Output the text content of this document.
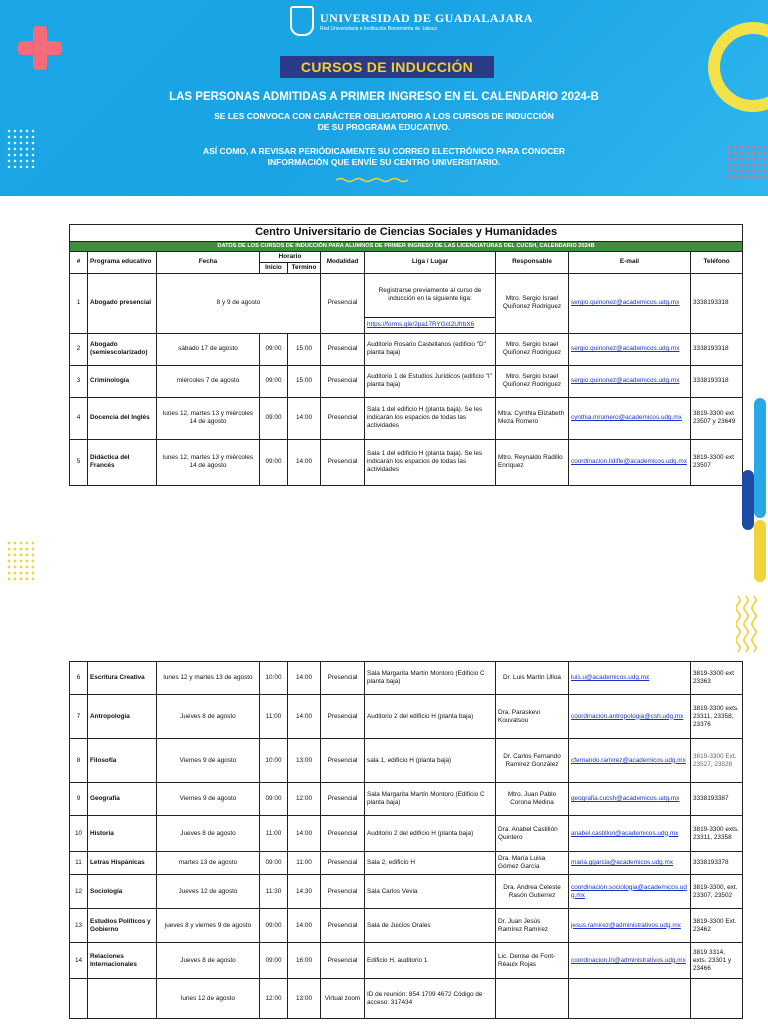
UNIVERSIDAD DE GUADALAJARA
Red Universitaria e Institución Benemérita de Jalisco
CURSOS DE INDUCCIÓN
LAS PERSONAS ADMITIDAS A PRIMER INGRESO EN EL CALENDARIO 2024-B
SE LES CONVOCA CON CARÁCTER OBLIGATORIO A LOS CURSOS DE INDUCCIÓN
DE SU PROGRAMA EDUCATIVO.
ASÍ COMO, A REVISAR PERIÓDICAMENTE SU CORREO ELECTRÓNICO PARA CONOCER
INFORMACIÓN QUE ENVÍE SU CENTRO UNIVERSITARIO.
Centro Universitario de Ciencias Sociales y Humanidades									
DATOS DE LOS CURSOS DE INDUCCIÓN PARA ALUMNOS DE PRIMER INGRESO DE LAS LICENCIATURAS DEL CUCSH, CALENDARIO 2024B									
#	Programa educativo	Fecha	Horario		Modalidad	Liga / Lugar	Responsable	E-mail	Teléfono
			Inicio	Termino					
1	Abogado presencial	8 y 9 de agosto			Presencial	Registrarse previamente al curso de inducción en la siguiente liga:	Mtro. Sergio Israel Quiñonez Rodriguez	sergio.quinonez@academicos.udg.mx	3338193318
						https://forms.gle/2pa17RYGct2UfrbX6			
2	Abogado (semiescolarizado)	sábado 17 de agosto	09:00	15:00	Presencial	Auditorio Rosario Castellanos (edificio "D" planta baja)	Mtro. Sergio Israel Quiñonez Rodriguez	sergio.quinonez@academicos.udg.mx	3338193318
3	Criminología	miércoles 7 de agosto	09:00	15:00	Presencial	Auditorio 1 de Estudios Jurídicos (edificio "I" planta baja)	Mtro. Sergio Israel Quiñonez Rodriguez	sergio.quinonez@academicos.udg.mx	3338193318
4	Docencia del Inglés	lunes 12, martes 13 y miércoles 14 de agosto	09:00	14:00	Presencial	Sala 1 del edificio H (planta baja). Se les indicarán los espacios de todas las actividades	Mtra. Cynthia Elizabeth Meza Romero	cynthia.mromero@academicos.udg.mx	3819-3300 ext 23507 y 23649
5	Didáctica del Francés	lunes 12, martes 13 y miércoles 14 de agosto	09:00	14:00	Presencial	Sala 1 del edificio H (planta baja). Se les indicarán los espacios de todas las actividades	Mtro. Reynaldo Radillo Enríquez	coordinacion.lidifle@academicos.udg.mx	3819-3300 ext 23507
6	Escritura Creativa	lunes 12 y martes 13 de agosto	10:00	14:00	Presencial	Sala Margarita Martín Montoro (Edificio C planta baja)	Dr. Luis Martín Ulloa	luis.u@academicos.udg.mx	3819-3300 ext 23363
7	Antropología	Jueves 8 de agosto	11:00	14:00	Presencial	Auditorio 2 del edificio H (planta baja)	Dra. Paraskevi Kouvatsou	coordinacion.antropologia@csh.udg.mx	3819-3300 exts. 23311, 23358, 23376
8	Filosofía	Viernes 9 de agosto	10:00	13:00	Presencial	sala 1, edificio H (planta baja)	Dr. Carlos Fernando Ramírez González	cfernando.ramirez@academicos.udg.mx	3819-3300 Ext. 23527, 23528
9	Geografía	Viernes 9 de agosto	09:00	12:00	Presencial	Sala Margarita Martín Montoro (Edificio C planta baja)	Mtro. Juan Pablo Corona Medina	geografia.cucsh@academicos.udg.mx	3338193387
10	Historia	Jueves 8 de agosto	11:00	14:00	Presencial	Auditorio 2 del edificio H (planta baja)	Dra. Anabel Castillón Quintero	anabel.castillon@academicos.udg.mx	3819-3300 exts. 23311, 23358
11	Letras Hispánicas	martes 13 de agosto	09:00	11:00	Presencial	Sala 2, edificio H	Dra. María Luisa Gómez García	maria.ggarcia@academicos.udg.mx	3338193378
12	Sociología	Jueves 12 de agosto	11:30	14:30	Presencial	Sala Carlos Vevia	Dra. Andrea Celeste Rasón Gutierrez	coordinacion.sociologia@academicos.udg.mx	3819-3300, ext. 23307, 23502
13	Estudios Políticos y Gobierno	jueves 8 y viernes 9 de agosto	09:00	14:00	Presencial	Sala de Juicios Orales	Dr. Juan Jesús Ramírez Ramírez	jesus.ramirez@administrativos.udg.mx	3819-3300 Ext. 23462
14	Relaciones Internacionales	Jueves 8 de agosto	09:00	16:00	Presencial	Edificio H, auditorio 1	Lic. Denise de Font-Réaulx Rojas	coordinacion.lri@administrativos.udg.mx	3819 3314, exts. 23301 y 23466
		lunes 12 de agosto	12:00	13:00	Virtual zoom	ID de reunión: 854 1709 4672 Código de acceso: 317434			
